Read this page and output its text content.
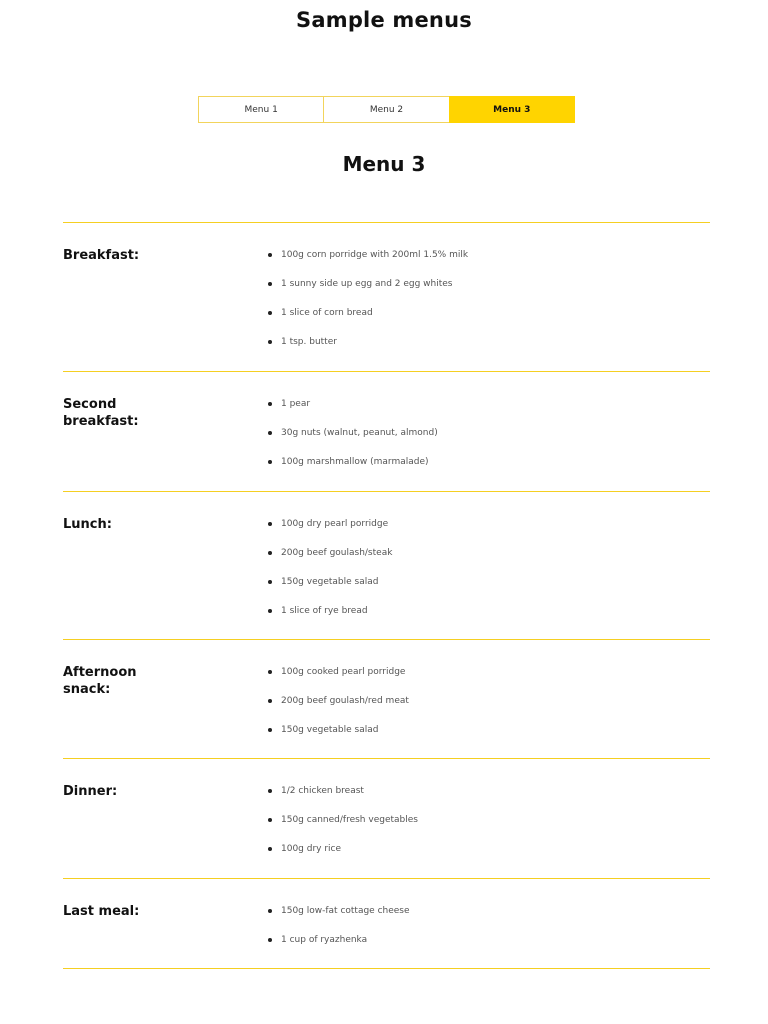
Sample menus
Menu 1	Menu 2	Menu 3
Menu 3
Breakfast:	100g corn porridge with 200ml 1.5% milk
1 sunny side up egg and 2 egg whites
1 slice of corn bread
1 tsp. butter
Second breakfast:
1 pear
30g nuts (walnut, peanut, almond)
100g marshmallow (marmalade)
Lunch:	100g dry pearl porridge
200g beef goulash/steak
150g vegetable salad
1 slice of rye bread
Afternoon snack:
100g cooked pearl porridge
200g beef goulash/red meat
150g vegetable salad
Dinner:	1/2 chicken breast
150g canned/fresh vegetables
100g dry rice
Last meal:	150g low-fat cottage cheese
1 cup of ryazhenka
